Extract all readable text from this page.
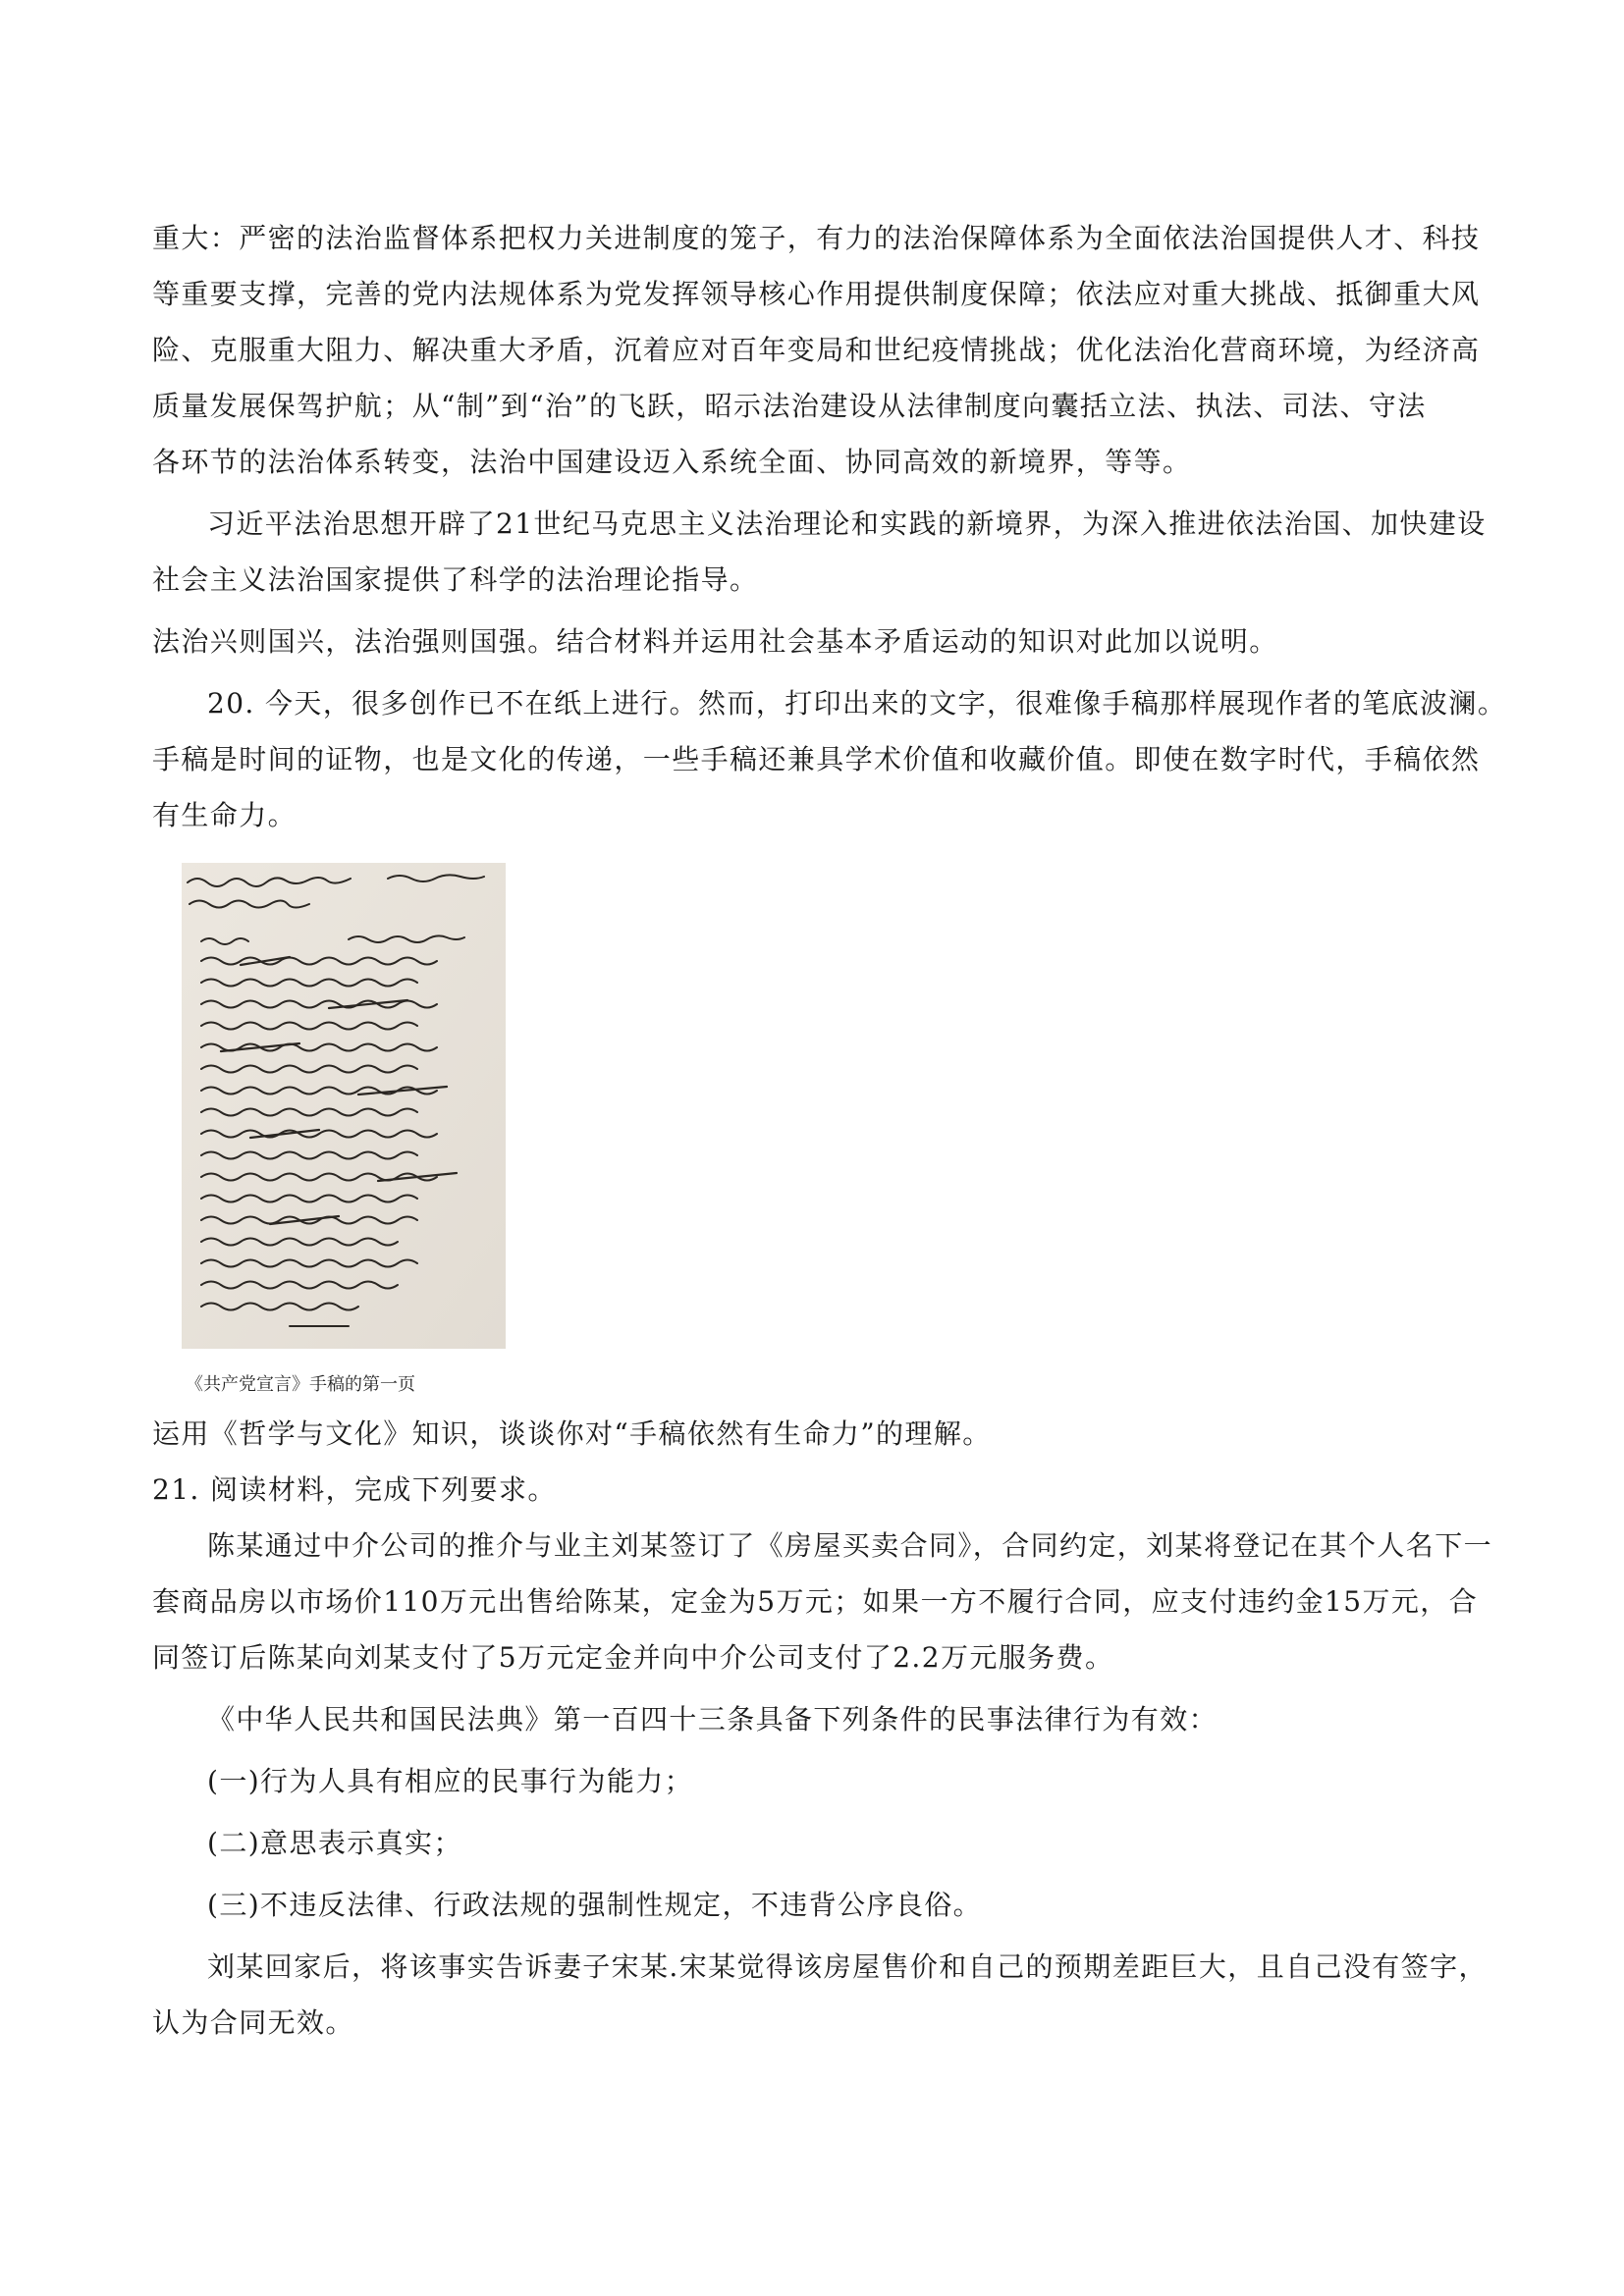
重大：严密的法治监督体系把权力关进制度的笼子，有力的法治保障体系为全面依法治国提供人才、科技

等重要支撑，完善的党内法规体系为党发挥领导核心作用提供制度保障；依法应对重大挑战、抵御重大风

险、克服重大阻力、解决重大矛盾，沉着应对百年变局和世纪疫情挑战；优化法治化营商环境，为经济高

质量发展保驾护航；从“制”到“治”的飞跃，昭示法治建设从法律制度向囊括立法、执法、司法、守法

各环节的法治体系转变，法治中国建设迈入系统全面、协同高效的新境界，等等。

习近平法治思想开辟了21世纪马克思主义法治理论和实践的新境界，为深入推进依法治国、加快建设

社会主义法治国家提供了科学的法治理论指导。

法治兴则国兴，法治强则国强。结合材料并运用社会基本矛盾运动的知识对此加以说明。

20. 今天，很多创作已不在纸上进行。然而，打印出来的文字，很难像手稿那样展现作者的笔底波澜。

手稿是时间的证物，也是文化的传递，一些手稿还兼具学术价值和收藏价值。即使在数字时代，手稿依然

有生命力。

《共产党宣言》手稿的第一页

运用《哲学与文化》知识，谈谈你对“手稿依然有生命力”的理解。

21. 阅读材料，完成下列要求。

陈某通过中介公司的推介与业主刘某签订了《房屋买卖合同》，合同约定，刘某将登记在其个人名下一

套商品房以市场价110万元出售给陈某，定金为5万元；如果一方不履行合同，应支付违约金15万元，合

同签订后陈某向刘某支付了5万元定金并向中介公司支付了2.2万元服务费。

《中华人民共和国民法典》第一百四十三条具备下列条件的民事法律行为有效：

(一)行为人具有相应的民事行为能力；

(二)意思表示真实；

(三)不违反法律、行政法规的强制性规定，不违背公序良俗。

刘某回家后，将该事实告诉妻子宋某.宋某觉得该房屋售价和自己的预期差距巨大，且自己没有签字，

认为合同无效。
